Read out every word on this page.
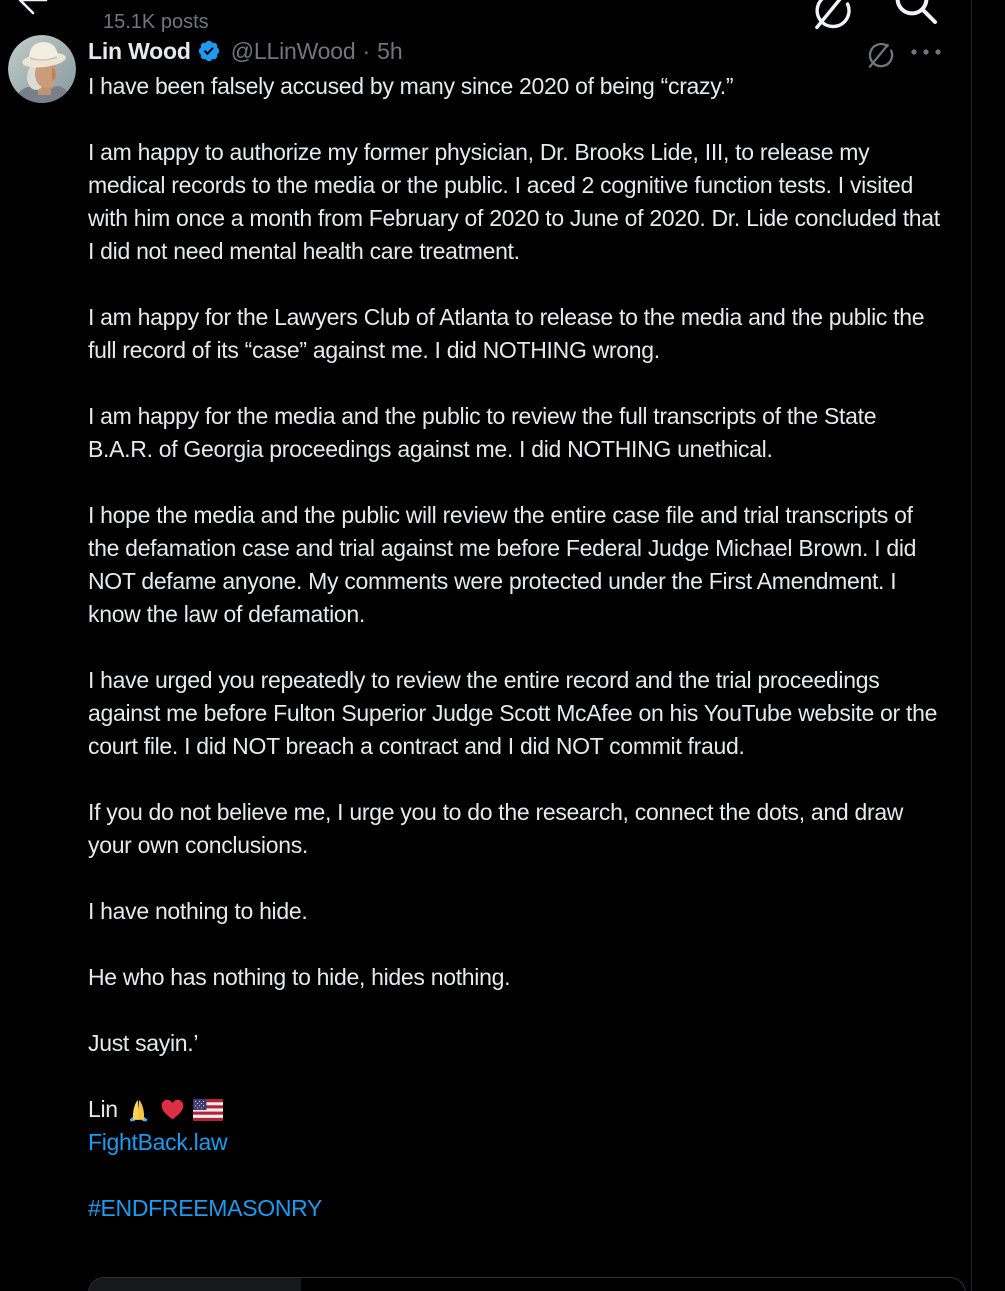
15.1K posts
Lin Wood @LLinWood · 5h

I have been falsely accused by many since 2020 of being “crazy.”

I am happy to authorize my former physician, Dr. Brooks Lide, III, to release my medical records to the media or the public. I aced 2 cognitive function tests. I visited with him once a month from February of 2020 to June of 2020. Dr. Lide concluded that I did not need mental health care treatment.

I am happy for the Lawyers Club of Atlanta to release to the media and the public the full record of its “case” against me. I did NOTHING wrong.

I am happy for the media and the public to review the full transcripts of the State B.A.R. of Georgia proceedings against me. I did NOTHING unethical.

I hope the media and the public will review the entire case file and trial transcripts of the defamation case and trial against me before Federal Judge Michael Brown. I did NOT defame anyone. My comments were protected under the First Amendment. I know the law of defamation.

I have urged you repeatedly to review the entire record and the trial proceedings against me before Fulton Superior Judge Scott McAfee on his YouTube website or the court file. I did NOT breach a contract and I did NOT commit fraud.

If you do not believe me, I urge you to do the research, connect the dots, and draw your own conclusions.

I have nothing to hide.

He who has nothing to hide, hides nothing.

Just sayin.’

Lin
FightBack.law
#ENDFREEMASONRY
